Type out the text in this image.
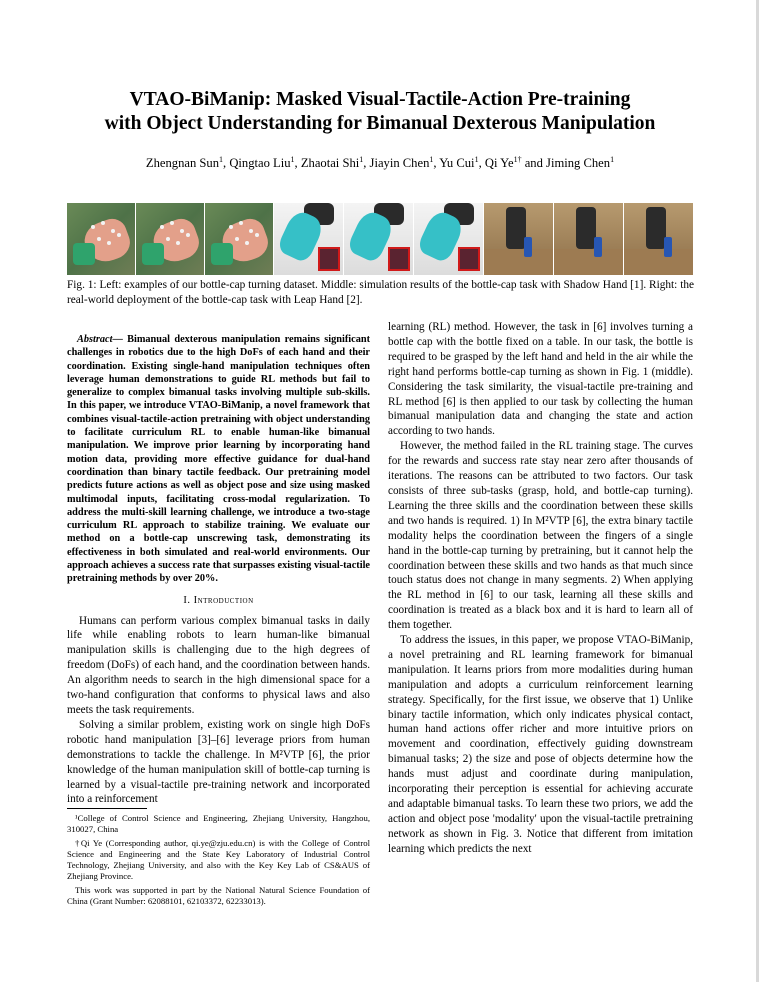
VTAO-BiManip: Masked Visual-Tactile-Action Pre-training
with Object Understanding for Bimanual Dexterous Manipulation
Zhengnan Sun$^1$, Qingtao Liu$^1$, Zhaotai Shi$^1$, Jiayin Chen$^1$, Yu Cui$^1$, Qi $Ye^{1\dagger}$ and Jiming Chen$^1$
Fig. 1: Left: examples of our bottle-cap turning dataset. Middle: simulation results of the bottle-cap task with Shadow Hand [1]. Right: the real-world deployment of the bottle-cap task with Leap Hand [2].

Abstract— Bimanual dexterous manipulation remains significant challenges in robotics due to the high DoFs of each hand and their coordination. Existing single-hand manipulation techniques often leverage human demonstrations to guide RL methods but fail to generalize to complex bimanual tasks involving multiple sub-skills. In this paper, we introduce VTAO-BiManip, a novel framework that combines visual-tactile-action pretraining with object understanding to facilitate curriculum RL to enable human-like bimanual manipulation. We improve prior learning by incorporating hand motion data, providing more effective guidance for dual-hand coordination than binary tactile feedback. Our pretraining model predicts future actions as well as object pose and size using masked multimodal inputs, facilitating cross-modal regularization. To address the multi-skill learning challenge, we introduce a two-stage curriculum RL approach to stabilize training. We evaluate our method on a bottle-cap unscrewing task, demonstrating its effectiveness in both simulated and real-world environments. Our approach achieves a success rate that surpasses existing visual-tactile pretraining methods by over 20%.

I. Introduction

Humans can perform various complex bimanual tasks in daily life while enabling robots to learn human-like bimanual manipulation skills is challenging due to the high degrees of freedom (DoFs) of each hand, and the coordination between hands. An algorithm needs to search in the high dimensional space for a two-hand configuration that conforms to physical laws and also meets the task requirements.

Solving a similar problem, existing work on single high DoFs robotic hand manipulation [3]–[6] leverage priors from human demonstrations to tackle the challenge. In M²VTP [6], the prior knowledge of the human manipulation skill of bottle-cap turning is learned by a visual-tactile pre-training network and incorporated into a reinforcement

¹College of Control Science and Engineering, Zhejiang University, Hangzhou, 310027, China

†Qi Ye (Corresponding author, qi.ye@zju.edu.cn) is with the College of Control Science and Engineering and the State Key Laboratory of Industrial Control Technology, Zhejiang University, and also with the Key Key Lab of CS&AUS of Zhejiang Province.

This work was supported in part by the National Natural Science Foundation of China (Grant Number: 62088101, 62103372, 62233013).

learning (RL) method. However, the task in [6] involves turning a bottle cap with the bottle fixed on a table. In our task, the bottle is required to be grasped by the left hand and held in the air while the right hand performs bottle-cap turning as shown in Fig. 1 (middle). Considering the task similarity, the visual-tactile pre-training and RL method [6] is then applied to our task by collecting the human bimanual manipulation data and changing the state and action according to two hands.

However, the method failed in the RL training stage. The curves for the rewards and success rate stay near zero after thousands of iterations. The reasons can be attributed to two factors. Our task consists of three sub-tasks (grasp, hold, and bottle-cap turning). Learning the three skills and the coordination between these skills and two hands is required. 1) In M²VTP [6], the extra binary tactile modality helps the coordination between the fingers of a single hand in the bottle-cap turning by pretraining, but it cannot help the coordination between these skills and two hands as that much since touch status does not change in many segments. 2) When applying the RL method in [6] to our task, learning all these skills and coordination is treated as a black box and it is hard to learn all of them together.

To address the issues, in this paper, we propose VTAO-BiManip, a novel pretraining and RL learning framework for bimanual manipulation. It learns priors from more modalities during human manipulation and adopts a curriculum reinforcement learning strategy. Specifically, for the first issue, we observe that 1) Unlike binary tactile information, which only indicates physical contact, human hand actions offer richer and more intuitive priors on movement and coordination, effectively guiding downstream bimanual tasks; 2) the size and pose of objects determine how the hands must adjust and coordinate during manipulation, incorporating their perception is essential for achieving accurate and adaptable bimanual tasks. To learn these two priors, we add the action and object pose 'modality' upon the visual-tactile pretraining network as shown in Fig. 3. Notice that different from imitation learning which predicts the next
